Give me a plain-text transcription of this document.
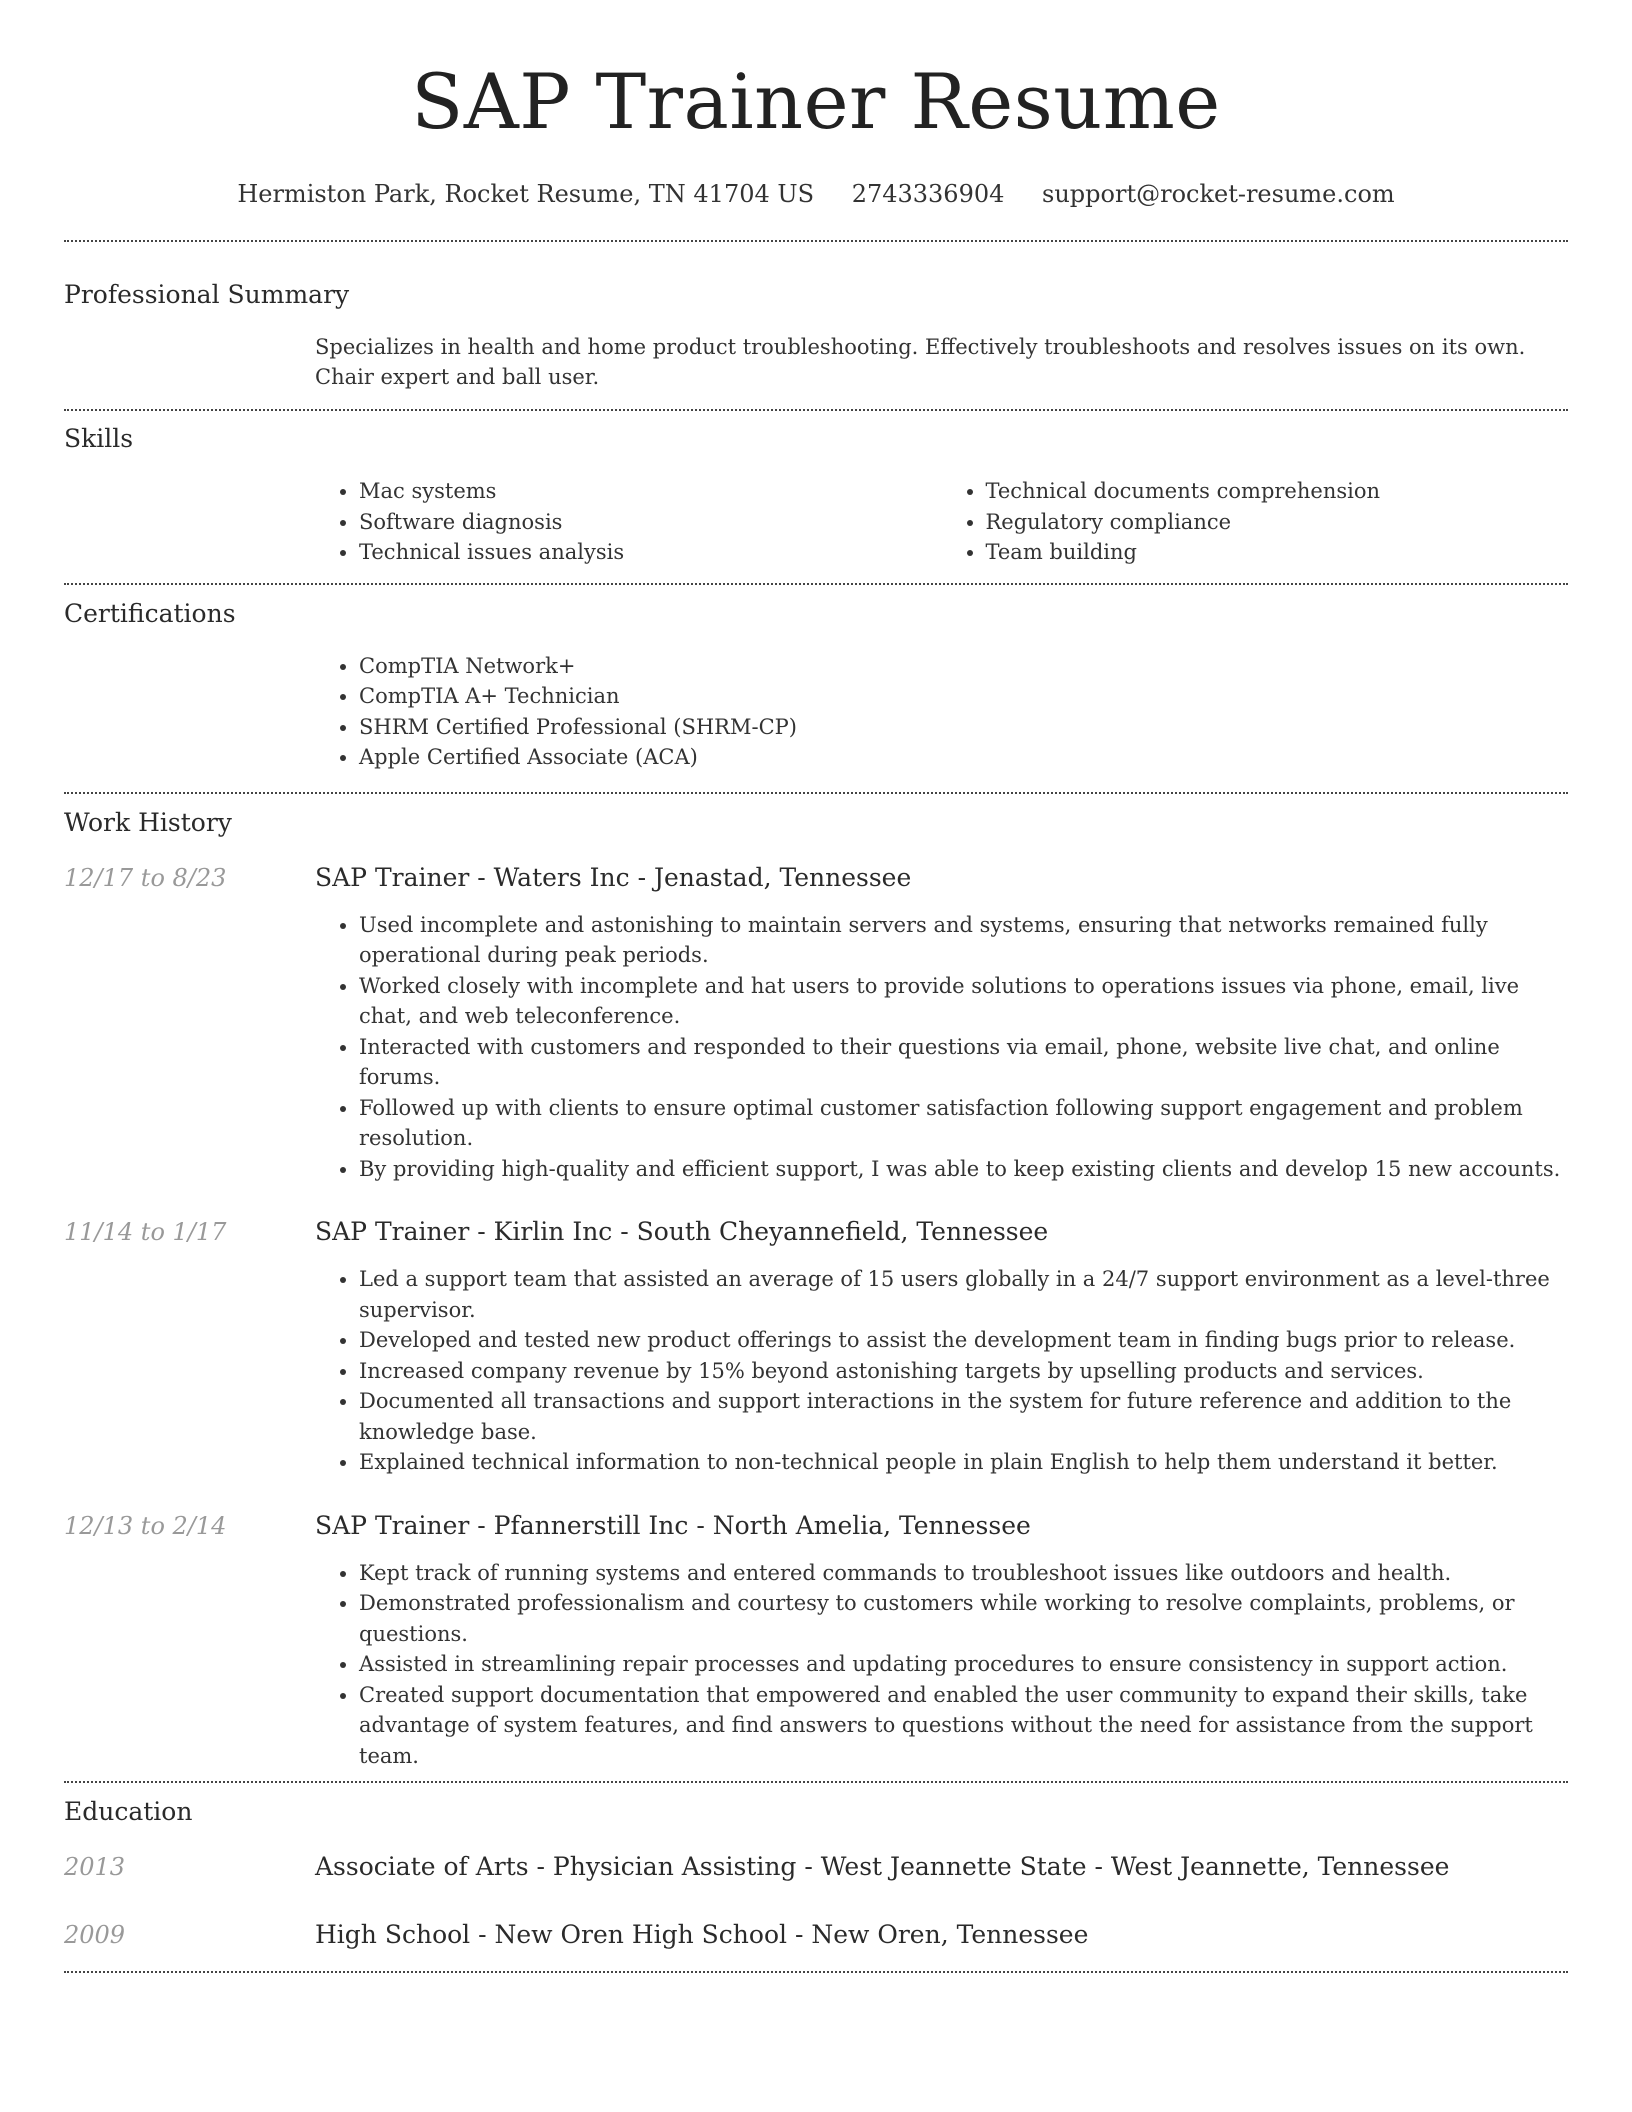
SAP Trainer Resume
Hermiston Park, Rocket Resume, TN 41704 US 2743336904 support@rocket-resume.com
Professional Summary

Specializes in health and home product troubleshooting. Effectively troubleshoots and resolves issues on its own. Chair expert and ball user.

Skills
• Mac systems
• Software diagnosis
• Technical issues analysis
• Technical documents comprehension
• Regulatory compliance
• Team building
Certifications
• CompTIA Network+
• CompTIA A+ Technician
• SHRM Certified Professional (SHRM-CP)
• Apple Certified Associate (ACA)
Work History
12/17 to 8/23	SAP Trainer - Waters Inc - Jenastad, Tennessee
• Used incomplete and astonishing to maintain servers and systems, ensuring that networks remained fully operational during peak periods.
• Worked closely with incomplete and hat users to provide solutions to operations issues via phone, email, live chat, and web teleconference.
• Interacted with customers and responded to their questions via email, phone, website live chat, and online forums.
• Followed up with clients to ensure optimal customer satisfaction following support engagement and problem resolution.
• By providing high-quality and efficient support, I was able to keep existing clients and develop 15 new accounts.
11/14 to 1/17	SAP Trainer - Kirlin Inc - South Cheyannefield, Tennessee
• Led a support team that assisted an average of 15 users globally in a 24/7 support environment as a level-three supervisor.
• Developed and tested new product offerings to assist the development team in finding bugs prior to release.
• Increased company revenue by 15% beyond astonishing targets by upselling products and services.
• Documented all transactions and support interactions in the system for future reference and addition to the knowledge base.
• Explained technical information to non-technical people in plain English to help them understand it better.
12/13 to 2/14	SAP Trainer - Pfannerstill Inc - North Amelia, Tennessee
• Kept track of running systems and entered commands to troubleshoot issues like outdoors and health.
• Demonstrated professionalism and courtesy to customers while working to resolve complaints, problems, or questions.
• Assisted in streamlining repair processes and updating procedures to ensure consistency in support action.
• Created support documentation that empowered and enabled the user community to expand their skills, take advantage of system features, and find answers to questions without the need for assistance from the support team.
Education
2013	Associate of Arts - Physician Assisting - West Jeannette State - West Jeannette, Tennessee
2009	High School - New Oren High School - New Oren, Tennessee
